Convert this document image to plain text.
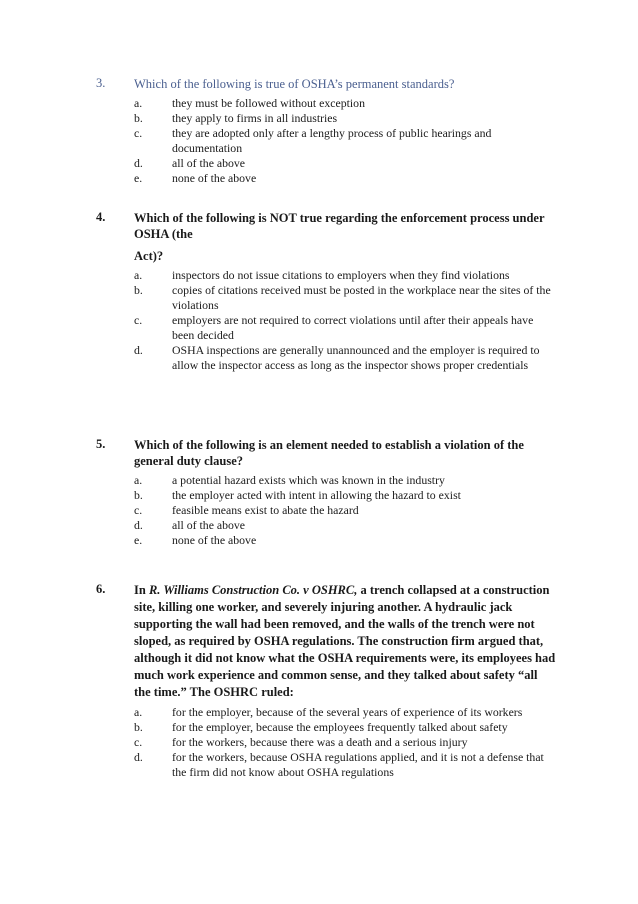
3. Which of the following is true of OSHA’s permanent standards?
a.	they must be followed without exception
b. they apply to firms in all industries
c.	they are adopted only after a lengthy process of public hearings and documentation
d. all of the above
e.	none of the above
4. Which of the following is NOT true regarding the enforcement process under OSHA (the
Act)?
a.	inspectors do not issue citations to employers when they find violations
b. copies of citations received must be posted in the workplace near the sites of the violations
c.	employers are not required to correct violations until after their appeals have been decided
d. OSHA inspections are generally unannounced and the employer is required to allow the inspector access as long as the inspector shows proper credentials
5. Which of the following is an element needed to establish a violation of the general duty clause?
a.	a potential hazard exists which was known in the industry
b. the employer acted with intent in allowing the hazard to exist
c.	feasible means exist to abate the hazard
d. all of the above
e.	none of the above
6. In R. Williams Construction Co. v OSHRC, a trench collapsed at a construction site, killing one worker, and severely injuring another. A hydraulic jack supporting the wall had been removed, and the walls of the trench were not sloped, as required by OSHA regulations. The construction firm argued that, although it did not know what the OSHA requirements were, its employees had much work experience and common sense, and they talked about safety “all the time.” The OSHRC ruled:
a.	for the employer, because of the several years of experience of its workers
b. for the employer, because the employees frequently talked about safety
c.	for the workers, because there was a death and a serious injury
d. for the workers, because OSHA regulations applied, and it is not a defense that the firm did not know about OSHA regulations
